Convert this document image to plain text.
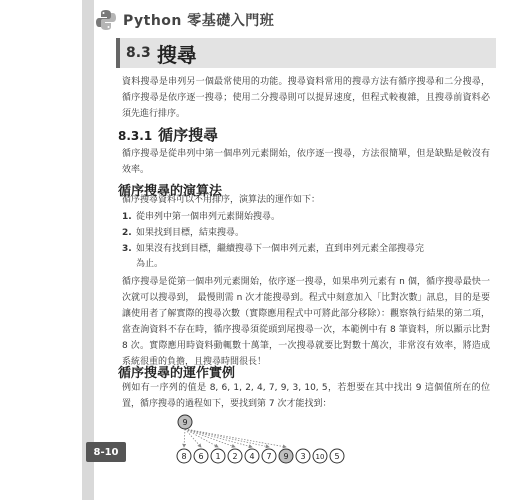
Python 零基礎入門班
8.3 搜尋
資料搜尋是串列另一個最常使用的功能。搜尋資料常用的搜尋方法有循序搜尋和二分搜尋，循序搜尋是依序逐一搜尋；使用二分搜尋則可以提昇速度，但程式較複雜，且搜尋前資料必須先進行排序。
8.3.1 循序搜尋
循序搜尋是從串列中第一個串列元素開始，依序逐一搜尋，方法很簡單，但是缺點是較沒有效率。
循序搜尋的演算法
循序搜尋資料可以不用排序，演算法的運作如下：
1. 從串列中第一個串列元素開始搜尋。
2. 如果找到目標，結束搜尋。
3. 如果沒有找到目標，繼續搜尋下一個串列元素，直到串列元素全部搜尋完
為止。
循序搜尋是從第一個串列元素開始，依序逐一搜尋，如果串列元素有 n 個，循序搜尋最快一次就可以搜尋到， 最慢則需 n 次才能搜尋到。程式中刻意加入「比對次數」訊息，目的是要讓使用者了解實際的搜尋次數（實際應用程式中可將此部分移除）：觀察執行結果的第二項，當查詢資料不存在時，循序搜尋須從頭到尾搜尋一次，本範例中有 8 筆資料，所以顯示比對 8 次。實際應用時資料動輒數十萬筆，一次搜尋就要比對數十萬次，非常沒有效率，將造成系統很重的負擔，且搜尋時間很長！
循序搜尋的運作實例
例如有一序列的值是 8, 6, 1, 2, 4, 7, 9, 3, 10, 5，若想要在其中找出 9 這個值所在的位置，循序搜尋的過程如下，要找到第 7 次才能找到：
9
8 6 1 2 4 7 9 3 10 5
8-10
